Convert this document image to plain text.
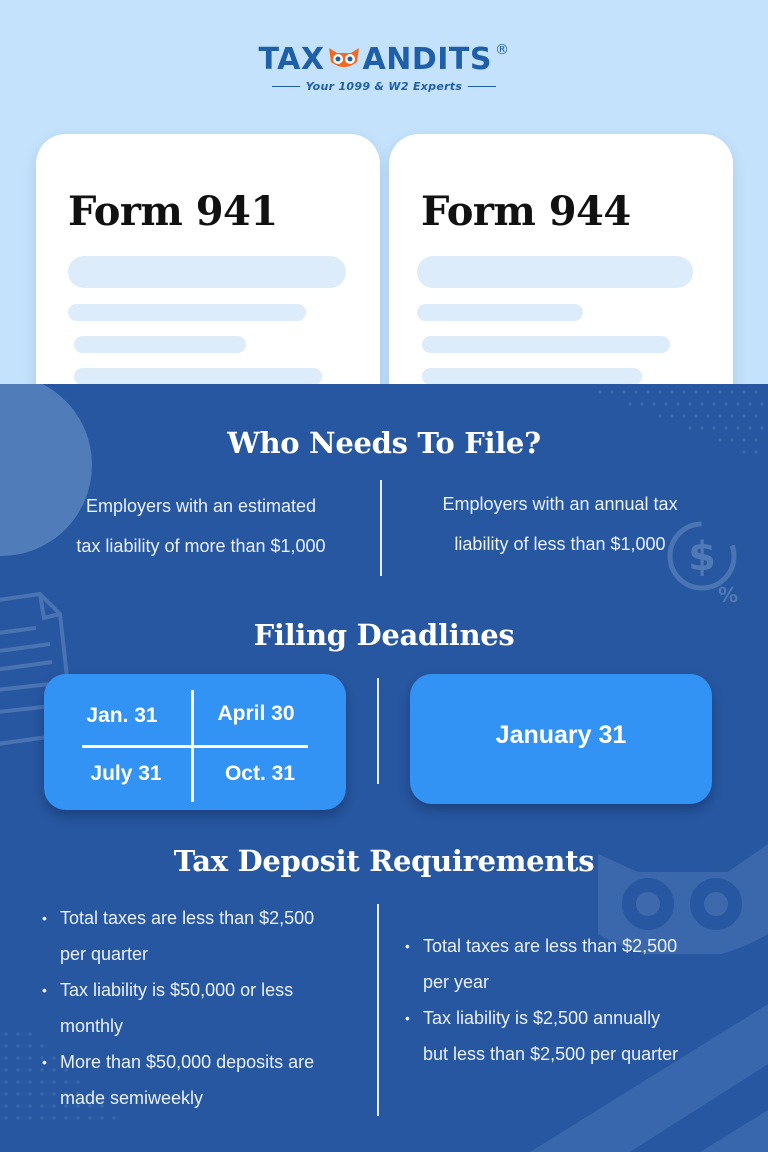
TAX ANDITS®
Your 1099 & W2 Experts
Form 941	Form 944
$
%
Who Needs To File?
Employers with an estimated
tax liability of more than $1,000
Employers with an annual tax
liability of less than $1,000
Filing Deadlines
Jan. 31	April 30
July 31	Oct. 31
January 31
Tax Deposit Requirements
• Total taxes are less than $2,500
per quarter
• Tax liability is $50,000 or less
monthly
• More than $50,000 deposits are
made semiweekly
• Total taxes are less than $2,500
per year
• Tax liability is $2,500 annually
but less than $2,500 per quarter
